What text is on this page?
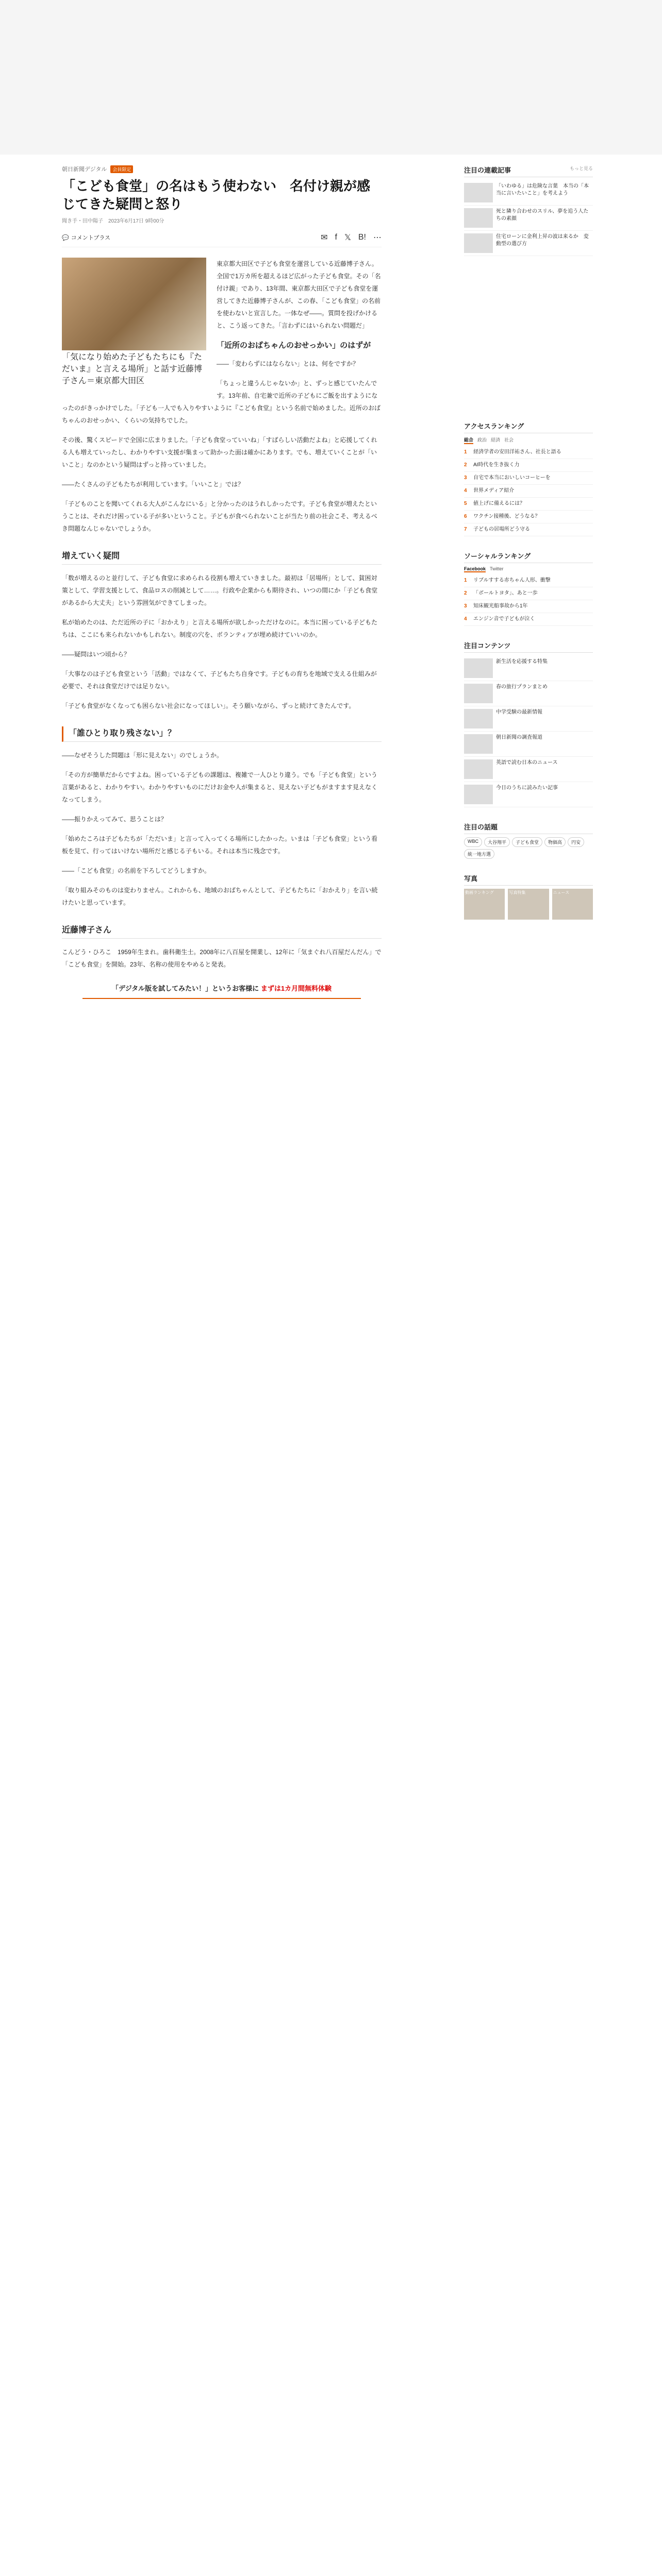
朝日新聞デジタル 会員限定
「こども食堂」の名はもう使わない　名付け親が感じてきた疑問と怒り
聞き手・田中陽子　2023年6月17日 9時00分
💬 コメントプラス	✉ f 𝕏 B! ⋯
「気になり始めた子どもたちにも『ただいま』と言える場所」と話す近藤博子さん＝東京都大田区

東京都大田区で子ども食堂を運営している近藤博子さん。全国で1万カ所を超えるほど広がった子ども食堂。その「名付け親」であり、13年間、東京都大田区で子ども食堂を運営してきた近藤博子さんが、この春、「こども食堂」の名前を使わないと宣言した。一体なぜ――。質問を投げかけると、こう返ってきた。「言わずにはいられない問題だ」

「近所のおばちゃんのおせっかい」のはずが

――「変わらずにはならない」とは、何をですか？

「ちょっと違うんじゃないか」と、ずっと感じていたんです。13年前、自宅兼で近所の子どもにご飯を出すようになったのがきっかけでした。「子ども一人でも入りやすいように『こども食堂』という名前で始めました。近所のおばちゃんのおせっかい、くらいの気持ちでした。

その後、驚くスピードで全国に広まりました。「子ども食堂っていいね」「すばらしい活動だよね」と応援してくれる人も増えていったし、わかりやすい支援が集まって助かった面は確かにあります。でも、増えていくことが「いいこと」なのかという疑問はずっと持っていました。

――たくさんの子どもたちが利用しています。「いいこと」では？

「子どものことを聞いてくれる大人がこんなにいる」と分かったのはうれしかったです。子ども食堂が増えたということは、それだけ困っている子が多いということ。子どもが食べられないことが当たり前の社会こそ、考えるべき問題なんじゃないでしょうか。

増えていく疑問

「数が増えるのと並行して、子ども食堂に求められる役割も増えていきました。最初は「居場所」として、貧困対策として、学習支援として、食品ロスの削減として……。行政や企業からも期待され、いつの間にか「子ども食堂があるから大丈夫」という雰囲気ができてしまった。

私が始めたのは、ただ近所の子に「おかえり」と言える場所が欲しかっただけなのに。本当に困っている子どもたちは、ここにも来られないかもしれない。制度の穴を、ボランティアが埋め続けていいのか。

――疑問はいつ頃から？

「大事なのは子ども食堂という「活動」ではなくて、子どもたち自身です。子どもの育ちを地域で支える仕組みが必要で、それは食堂だけでは足りない。

「子ども食堂がなくなっても困らない社会になってほしい」。そう願いながら、ずっと続けてきたんです。

「誰ひとり取り残さない」？

――なぜそうした問題は「形に見えない」のでしょうか。

「その方が簡単だからですよね。困っている子どもの課題は、複雑で一人ひとり違う。でも「子ども食堂」という言葉があると、わかりやすい。わかりやすいものにだけお金や人が集まると、見えない子どもがますます見えなくなってしまう。

――振りかえってみて、思うことは？

「始めたころは子どもたちが「ただいま」と言って入ってくる場所にしたかった。いまは「子ども食堂」という看板を見て、行ってはいけない場所だと感じる子もいる。それは本当に残念です。

――「こども食堂」の名前を下ろしてどうしますか。

「取り組みそのものは変わりません。これからも、地域のおばちゃんとして、子どもたちに「おかえり」を言い続けたいと思っています。

近藤博子さん

こんどう・ひろこ　1959年生まれ。歯科衛生士。2008年に八百屋を開業し、12年に「気まぐれ八百屋だんだん」で「こども食堂」を開始。23年、名称の使用をやめると発表。

「デジタル版を試してみたい！」というお客様に まずは1カ月間無料体験
注目の連載記事	もっと見る
「いわゆる」は危険な言葉　本当の「本当に言いたいこと」を考えよう
死と隣り合わせのスリル、夢を追う人たちの素顔
住宅ローンに金利上昇の波は来るか　変動型の選び方
アクセスランキング
総合 政治 経済 社会
1	経済学者の安田洋祐さん、社長と語る
2	AI時代を生き抜く力
3	自宅で本当においしいコーヒーを
4	世界メディア紹介
5	値上げに備えるには？
6	ワクチン接種後、どうなる？
7	子どもの居場所どう守る
ソーシャルランキング
Facebook Twitter
1	リブルすする赤ちゃん人形、衝撃
2	「ボールトヨタ」、あと一歩
3	知床観光船事故から1年
4	エンジン音で子どもが泣く
注目コンテンツ
新生活を応援する特集
春の旅行プランまとめ
中学受験の最新情報
朝日新聞の調査報道
英語で読む日本のニュース
今日のうちに読みたい記事
注目の話題
WBC	大谷翔平	子ども食堂	物価高	円安
統一地方選
写真
動画ランキング	写真特集	ニュース
